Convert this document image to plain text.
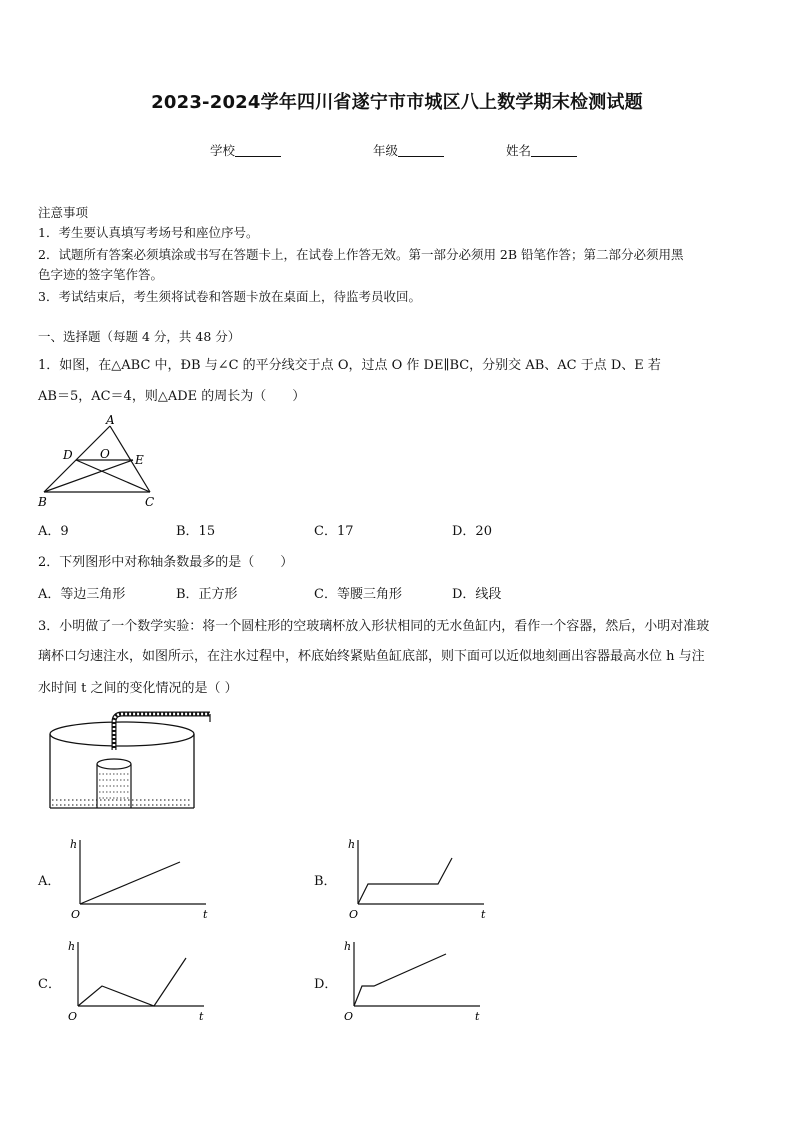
2023-2024学年四川省遂宁市市城区八上数学期末检测试题
学校	年级	姓名
注意事项
1．考生要认真填写考场号和座位序号。
2．试题所有答案必须填涂或书写在答题卡上，在试卷上作答无效。第一部分必须用 2B 铅笔作答；第二部分必须用黑
色字迹的签字笔作答。
3．考试结束后，考生须将试卷和答题卡放在桌面上，待监考员收回。
一、选择题（每题 4 分，共 48 分）
1．如图，在△ABC 中，ÐB 与∠C 的平分线交于点 O，过点 O 作 DE∥BC，分别交 AB、AC 于点 D、E 若
AB＝5，AC＝4，则△ADE 的周长为（　　）
A
D O E
B	C
A．9	B．15	C．17	D．20
2．下列图形中对称轴条数最多的是（　　）
A．等边三角形	B．正方形	C．等腰三角形	D．线段
3．小明做了一个数学实验：将一个圆柱形的空玻璃杯放入形状相同的无水鱼缸内，看作一个容器，然后，小明对准玻
璃杯口匀速注水，如图所示，在注水过程中，杯底始终紧贴鱼缸底部，则下面可以近似地刻画出容器最高水位 h 与注
水时间 t 之间的变化情况的是（ ）
A．	B．
C．	D．
h
t
O
h
t
O
h
t
O
h
t
O
